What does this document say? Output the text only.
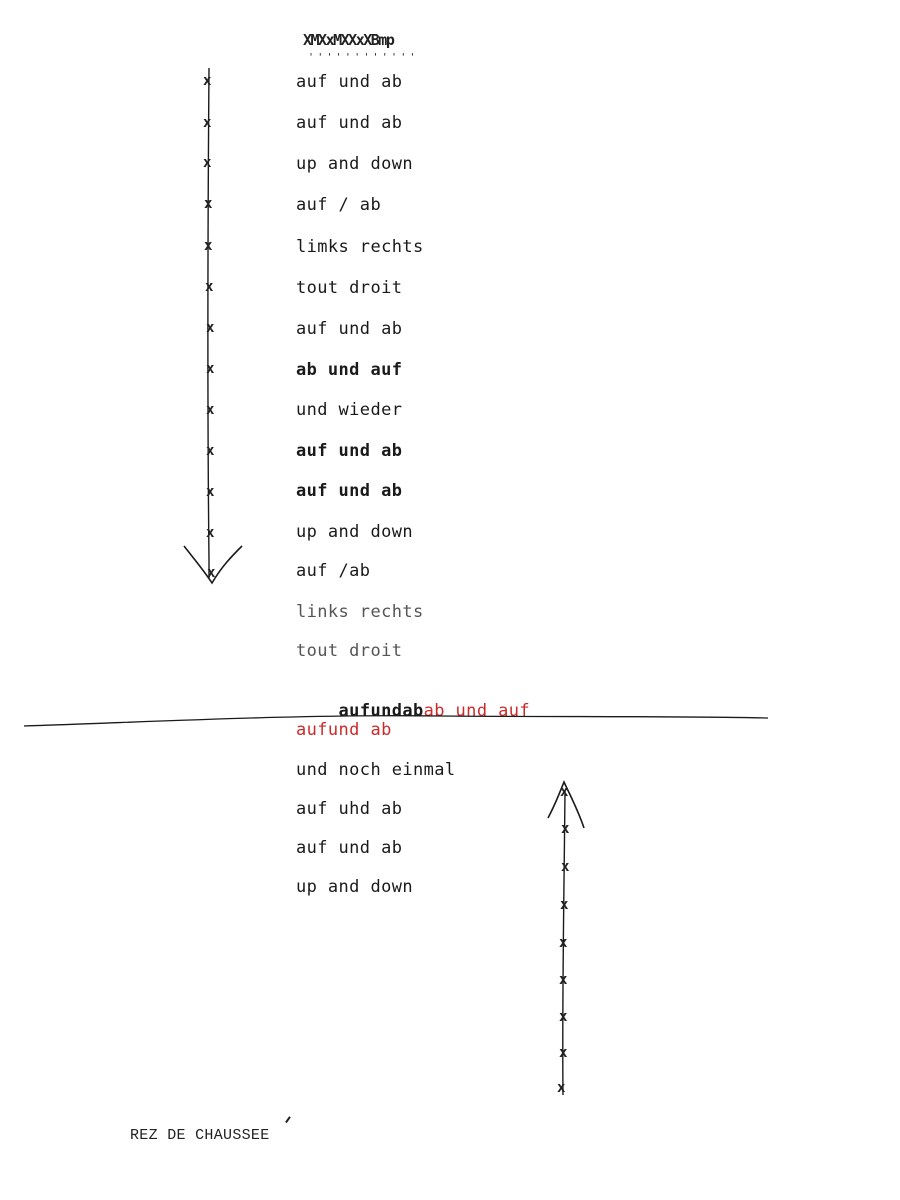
XMXxMXXxXBmp
''''''''''''
auf und ab
auf und ab
up and down
auf / ab
limks rechts
tout droit
auf und ab
ab und auf
und wieder
auf und ab
auf und ab
up and down
auf /ab
links rechts
tout droit

aufundabab und auf

aufund ab
und noch einmal
auf uhd ab
auf und ab
up and down
x
x
x
x
x
x
x
x
x
x
x
x
x
x
x
x
x
x
x
x
x
x
REZ DE CHAUSSEE
